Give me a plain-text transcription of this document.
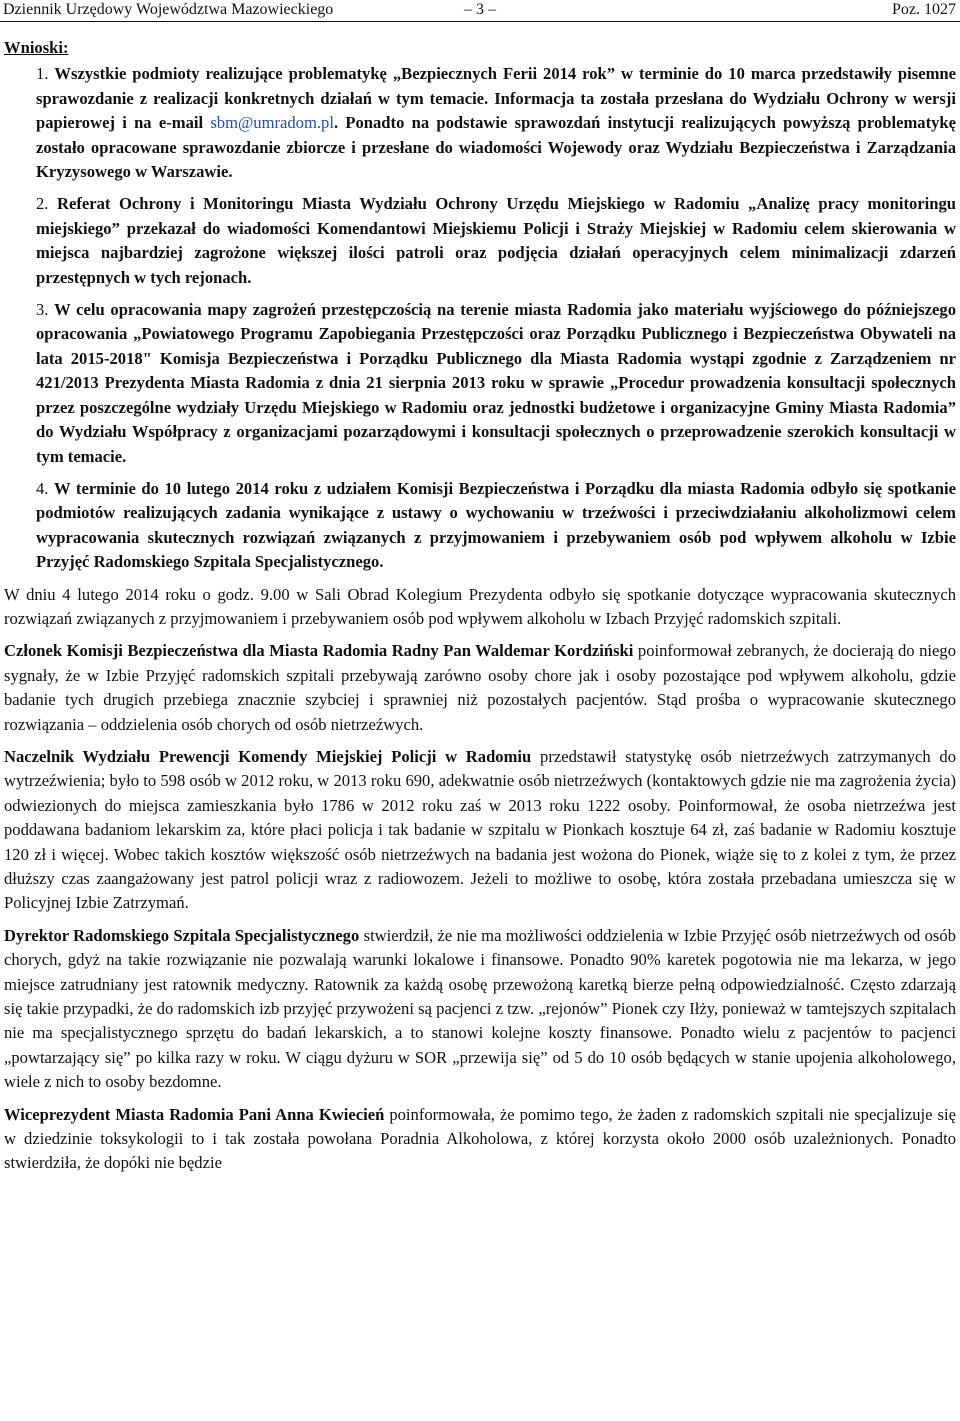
Dziennik Urzędowy Województwa Mazowieckiego	– 3 –	Poz. 1027

Wnioski:

1. Wszystkie podmioty realizujące problematykę „Bezpiecznych Ferii 2014 rok” w terminie do 10 marca przedstawiły pisemne sprawozdanie z realizacji konkretnych działań w tym temacie. Informacja ta została przesłana do Wydziału Ochrony w wersji papierowej i na e-mail sbm@umradom.pl. Ponadto na podstawie sprawozdań instytucji realizujących powyższą problematykę zostało opracowane sprawozdanie zbiorcze i przesłane do wiadomości Wojewody oraz Wydziału Bezpieczeństwa i Zarządzania Kryzysowego w Warszawie.

2. Referat Ochrony i Monitoringu Miasta Wydziału Ochrony Urzędu Miejskiego w Radomiu „Analizę pracy monitoringu miejskiego” przekazał do wiadomości Komendantowi Miejskiemu Policji i Straży Miejskiej w Radomiu celem skierowania w miejsca najbardziej zagrożone większej ilości patroli oraz podjęcia działań operacyjnych celem minimalizacji zdarzeń przestępnych w tych rejonach.

3. W celu opracowania mapy zagrożeń przestępczością na terenie miasta Radomia jako materiału wyjściowego do późniejszego opracowania „Powiatowego Programu Zapobiegania Przestępczości oraz Porządku Publicznego i Bezpieczeństwa Obywateli na lata 2015-2018" Komisja Bezpieczeństwa i Porządku Publicznego dla Miasta Radomia wystąpi zgodnie z Zarządzeniem nr 421/2013 Prezydenta Miasta Radomia z dnia 21 sierpnia 2013 roku w sprawie „Procedur prowadzenia konsultacji społecznych przez poszczególne wydziały Urzędu Miejskiego w Radomiu oraz jednostki budżetowe i organizacyjne Gminy Miasta Radomia” do Wydziału Współpracy z organizacjami pozarządowymi i konsultacji społecznych o przeprowadzenie szerokich konsultacji w tym temacie.

4. W terminie do 10 lutego 2014 roku z udziałem Komisji Bezpieczeństwa i Porządku dla miasta Radomia odbyło się spotkanie podmiotów realizujących zadania wynikające z ustawy o wychowaniu w trzeźwości i przeciwdziałaniu alkoholizmowi celem wypracowania skutecznych rozwiązań związanych z przyjmowaniem i przebywaniem osób pod wpływem alkoholu w Izbie Przyjęć Radomskiego Szpitala Specjalistycznego.

W dniu 4 lutego 2014 roku o godz. 9.00 w Sali Obrad Kolegium Prezydenta odbyło się spotkanie dotyczące wypracowania skutecznych rozwiązań związanych z przyjmowaniem i przebywaniem osób pod wpływem alkoholu w Izbach Przyjęć radomskich szpitali.

Członek Komisji Bezpieczeństwa dla Miasta Radomia Radny Pan Waldemar Kordziński poinformował zebranych, że docierają do niego sygnały, że w Izbie Przyjęć radomskich szpitali przebywają zarówno osoby chore jak i osoby pozostające pod wpływem alkoholu, gdzie badanie tych drugich przebiega znacznie szybciej i sprawniej niż pozostałych pacjentów. Stąd prośba o wypracowanie skutecznego rozwiązania – oddzielenia osób chorych od osób nietrzeźwych.

Naczelnik Wydziału Prewencji Komendy Miejskiej Policji w Radomiu przedstawił statystykę osób nietrzeźwych zatrzymanych do wytrzeźwienia; było to 598 osób w 2012 roku, w 2013 roku 690, adekwatnie osób nietrzeźwych (kontaktowych gdzie nie ma zagrożenia życia) odwiezionych do miejsca zamieszkania było 1786 w 2012 roku zaś w 2013 roku 1222 osoby. Poinformował, że osoba nietrzeźwa jest poddawana badaniom lekarskim za, które płaci policja i tak badanie w szpitalu w Pionkach kosztuje 64 zł, zaś badanie w Radomiu kosztuje 120 zł i więcej. Wobec takich kosztów większość osób nietrzeźwych na badania jest wożona do Pionek, wiąże się to z kolei z tym, że przez dłuższy czas zaangażowany jest patrol policji wraz z radiowozem. Jeżeli to możliwe to osobę, która została przebadana umieszcza się w Policyjnej Izbie Zatrzymań.

Dyrektor Radomskiego Szpitala Specjalistycznego stwierdził, że nie ma możliwości oddzielenia w Izbie Przyjęć osób nietrzeźwych od osób chorych, gdyż na takie rozwiązanie nie pozwalają warunki lokalowe i finansowe. Ponadto 90% karetek pogotowia nie ma lekarza, w jego miejsce zatrudniany jest ratownik medyczny. Ratownik za każdą osobę przewożoną karetką bierze pełną odpowiedzialność. Często zdarzają się takie przypadki, że do radomskich izb przyjęć przywożeni są pacjenci z tzw. „rejonów” Pionek czy Iłży, ponieważ w tamtejszych szpitalach nie ma specjalistycznego sprzętu do badań lekarskich, a to stanowi kolejne koszty finansowe. Ponadto wielu z pacjentów to pacjenci „powtarzający się” po kilka razy w roku. W ciągu dyżuru w SOR „przewija się” od 5 do 10 osób będących w stanie upojenia alkoholowego, wiele z nich to osoby bezdomne.

Wiceprezydent Miasta Radomia Pani Anna Kwiecień poinformowała, że pomimo tego, że żaden z radomskich szpitali nie specjalizuje się w dziedzinie toksykologii to i tak została powołana Poradnia Alkoholowa, z której korzysta około 2000 osób uzależnionych. Ponadto stwierdziła, że dopóki nie będzie
